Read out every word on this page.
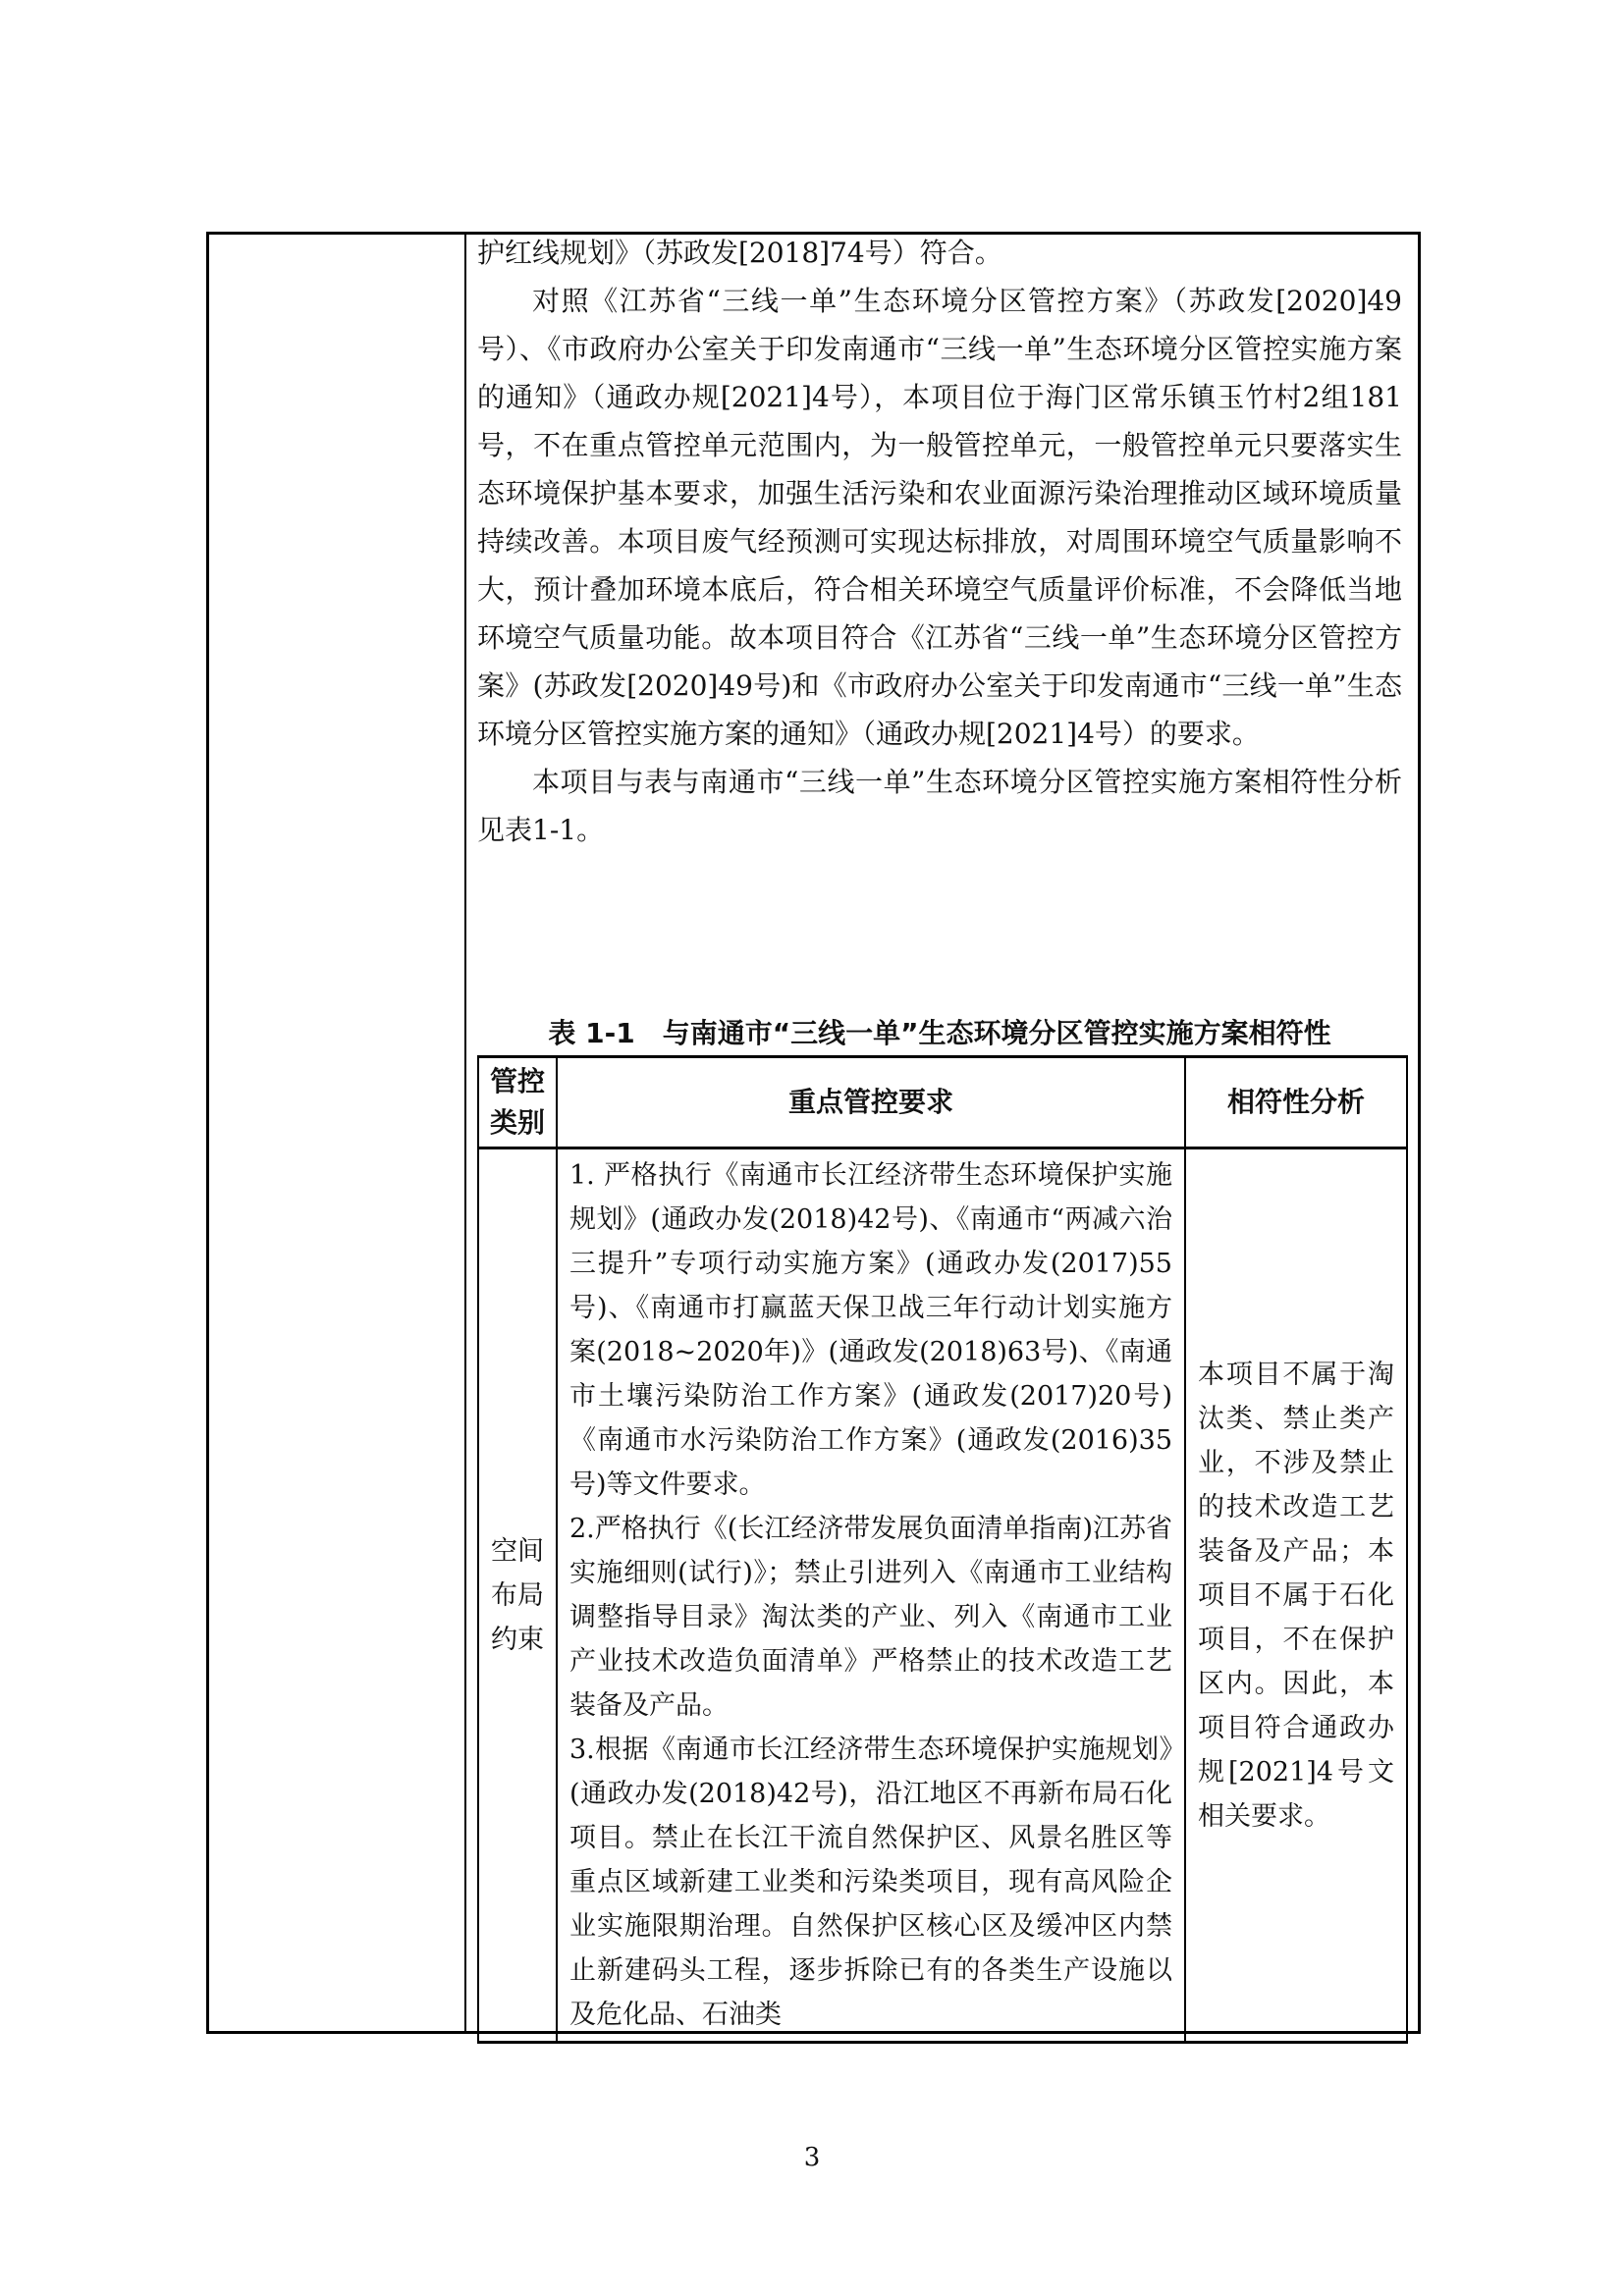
护红线规划》（苏政发[2018]74号）符合。

对照《江苏省“三线一单”生态环境分区管控方案》（苏政发[2020]49号）、《市政府办公室关于印发南通市“三线一单”生态环境分区管控实施方案的通知》（通政办规[2021]4号），本项目位于海门区常乐镇玉竹村2组181号，不在重点管控单元范围内，为一般管控单元，一般管控单元只要落实生态环境保护基本要求，加强生活污染和农业面源污染治理推动区域环境质量持续改善。本项目废气经预测可实现达标排放，对周围环境空气质量影响不大，预计叠加环境本底后，符合相关环境空气质量评价标准，不会降低当地环境空气质量功能。故本项目符合《江苏省“三线一单”生态环境分区管控方案》(苏政发[2020]49号)和《市政府办公室关于印发南通市“三线一单”生态环境分区管控实施方案的通知》（通政办规[2021]4号）的要求。

本项目与表与南通市“三线一单”生态环境分区管控实施方案相符性分析见表1-1。

表 1-1　与南通市“三线一单”生态环境分区管控实施方案相符性
管控类别	重点管控要求	相符性分析
空间布局约束	1. 严格执行《南通市长江经济带生态环境保护实施规划》(通政办发(2018)42号)、《南通市“两减六治三提升”专项行动实施方案》(通政办发(2017)55号)、《南通市打赢蓝天保卫战三年行动计划实施方案(2018~2020年)》(通政发(2018)63号)、《南通市土壤污染防治工作方案》(通政发(2017)20号)《南通市水污染防治工作方案》(通政发(2016)35号)等文件要求。

2.严格执行《(长江经济带发展负面清单指南)江苏省实施细则(试行)》；禁止引进列入《南通市工业结构调整指导目录》淘汰类的产业、列入《南通市工业产业技术改造负面清单》严格禁止的技术改造工艺装备及产品。

3.根据《南通市长江经济带生态环境保护实施规划》(通政办发(2018)42号)，沿江地区不再新布局石化项目。禁止在长江干流自然保护区、风景名胜区等重点区域新建工业类和污染类项目，现有高风险企业实施限期治理。自然保护区核心区及缓冲区内禁止新建码头工程，逐步拆除已有的各类生产设施以及危化品、石油类	本项目不属于淘汰类、禁止类产业，不涉及禁止的技术改造工艺装备及产品；本项目不属于石化项目，不在保护区内。因此，本项目符合通政办规[2021]4号文相关要求。
3
